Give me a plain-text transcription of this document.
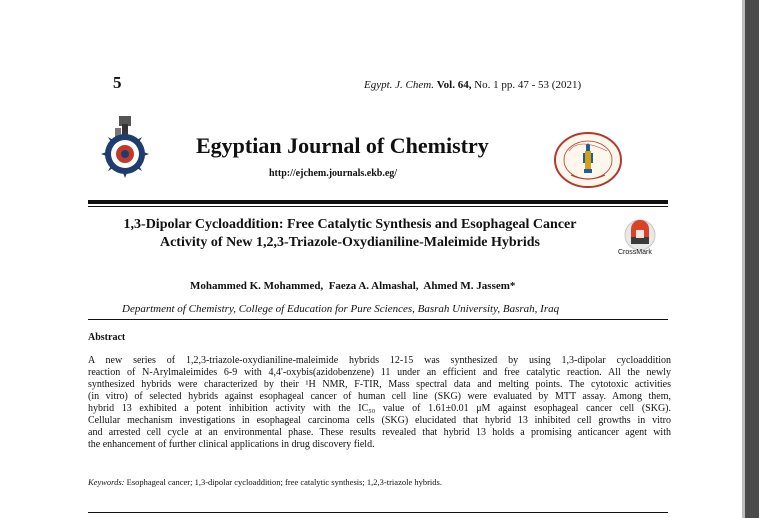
5	Egypt. J. Chem. Vol. 64, No. 1 pp. 47 - 53 (2021)
Egyptian Journal of Chemistry
http://ejchem.journals.ekb.eg/
1,3-Dipolar Cycloaddition: Free Catalytic Synthesis and Esophageal Cancer
Activity of New 1,2,3-Triazole-Oxydianiline-Maleimide Hybrids
CrossMark
Mohammed K. Mohammed,  Faeza A. Almashal,  Ahmed M. Jassem*
Department of Chemistry, College of Education for Pure Sciences, Basrah University, Basrah, Iraq
Abstract
A new series of 1,2,3-triazole-oxydianiline-maleimide hybrids 12-15 was synthesized by using 1,3-dipolar cycloaddition
reaction of N-Arylmaleimides 6-9 with 4,4'-oxybis(azidobenzene) 11 under an efficient and free catalytic reaction. All the newly
synthesized hybrids were characterized by their ¹H NMR, F-TIR, Mass spectral data and melting points. The cytotoxic activities
(in vitro) of selected hybrids against esophageal cancer of human cell line (SKG) were evaluated by MTT assay. Among them,
hybrid 13 exhibited a potent inhibition activity with the IC₅₀ value of 1.61±0.01 μM against esophageal cancer cell (SKG).
Cellular mechanism investigations in esophageal carcinoma cells (SKG) elucidated that hybrid 13 inhibited cell growths in vitro
and arrested cell cycle at an environmental phase. These results revealed that hybrid 13 holds a promising anticancer agent with
the enhancement of further clinical applications in drug discovery field.
Keywords: Esophageal cancer; 1,3-dipolar cycloaddition; free catalytic synthesis; 1,2,3-triazole hybrids.
